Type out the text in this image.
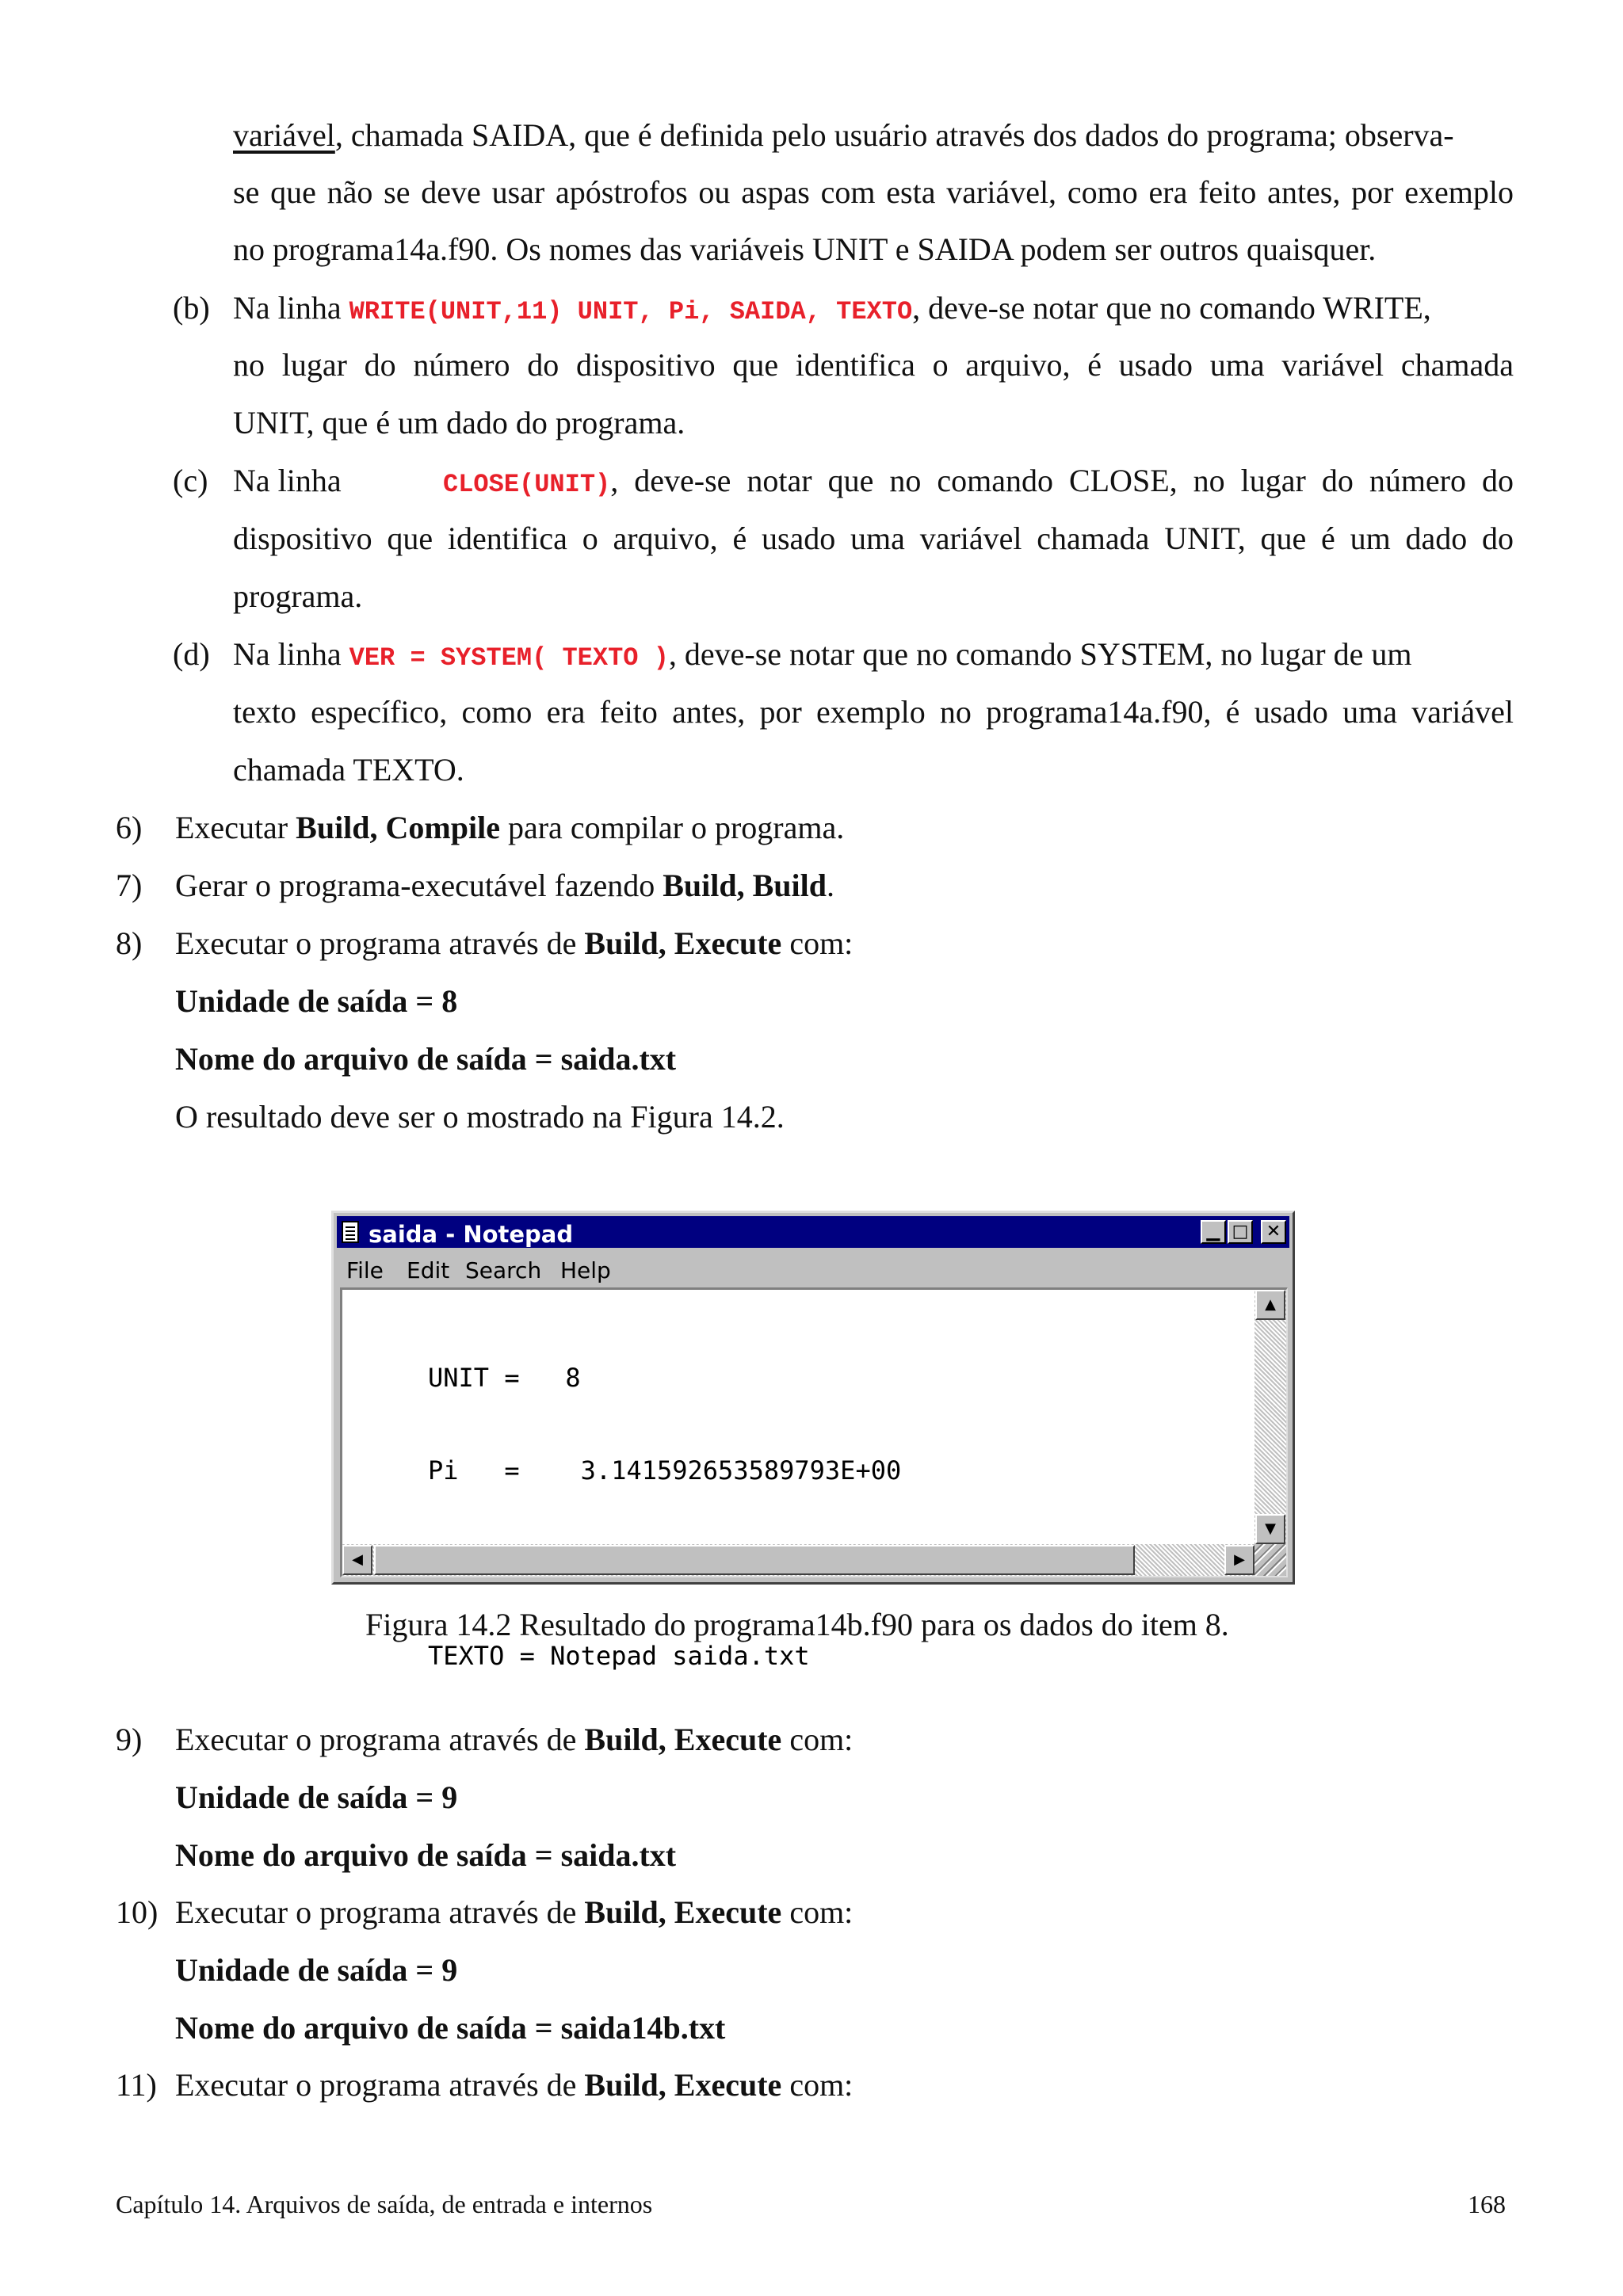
variável, chamada SAIDA, que é definida pelo usuário através dos dados do programa; observa-
se que não se deve usar apóstrofos ou aspas com esta variável, como era feito antes, por exemplo
no programa14a.f90. Os nomes das variáveis UNIT e SAIDA podem ser outros quaisquer.
(b) Na linha WRITE(UNIT,11) UNIT, Pi, SAIDA, TEXTO, deve-se notar que no comando WRITE,
no lugar do número do dispositivo que identifica o arquivo, é usado uma variável chamada
UNIT, que é um dado do programa.
(c) Na linha	CLOSE(UNIT), deve-se notar que no comando CLOSE, no lugar do número do
dispositivo que identifica o arquivo, é usado uma variável chamada UNIT, que é um dado do
programa.
(d) Na linha VER = SYSTEM( TEXTO ), deve-se notar que no comando SYSTEM, no lugar de um
texto específico, como era feito antes, por exemplo no programa14a.f90, é usado uma variável
chamada TEXTO.
6) Executar Build, Compile para compilar o programa.
7) Gerar o programa-executável fazendo Build, Build.
8) Executar o programa através de Build, Execute com:
Unidade de saída = 8
Nome do arquivo de saída = saida.txt
O resultado deve ser o mostrado na Figura 14.2.
saida - Notepad	▁ □	✕
File Edit Search Help

UNIT =   8

Pi   =    3.141592653589793E+00

TEXTO = Notepad saida.txt

▲
▼
◀	▶
Figura 14.2 Resultado do programa14b.f90 para os dados do item 8.
9) Executar o programa através de Build, Execute com:
Unidade de saída = 9
Nome do arquivo de saída = saida.txt
10) Executar o programa através de Build, Execute com:
Unidade de saída = 9
Nome do arquivo de saída = saida14b.txt
11) Executar o programa através de Build, Execute com:
Capítulo 14. Arquivos de saída, de entrada e internos	168
